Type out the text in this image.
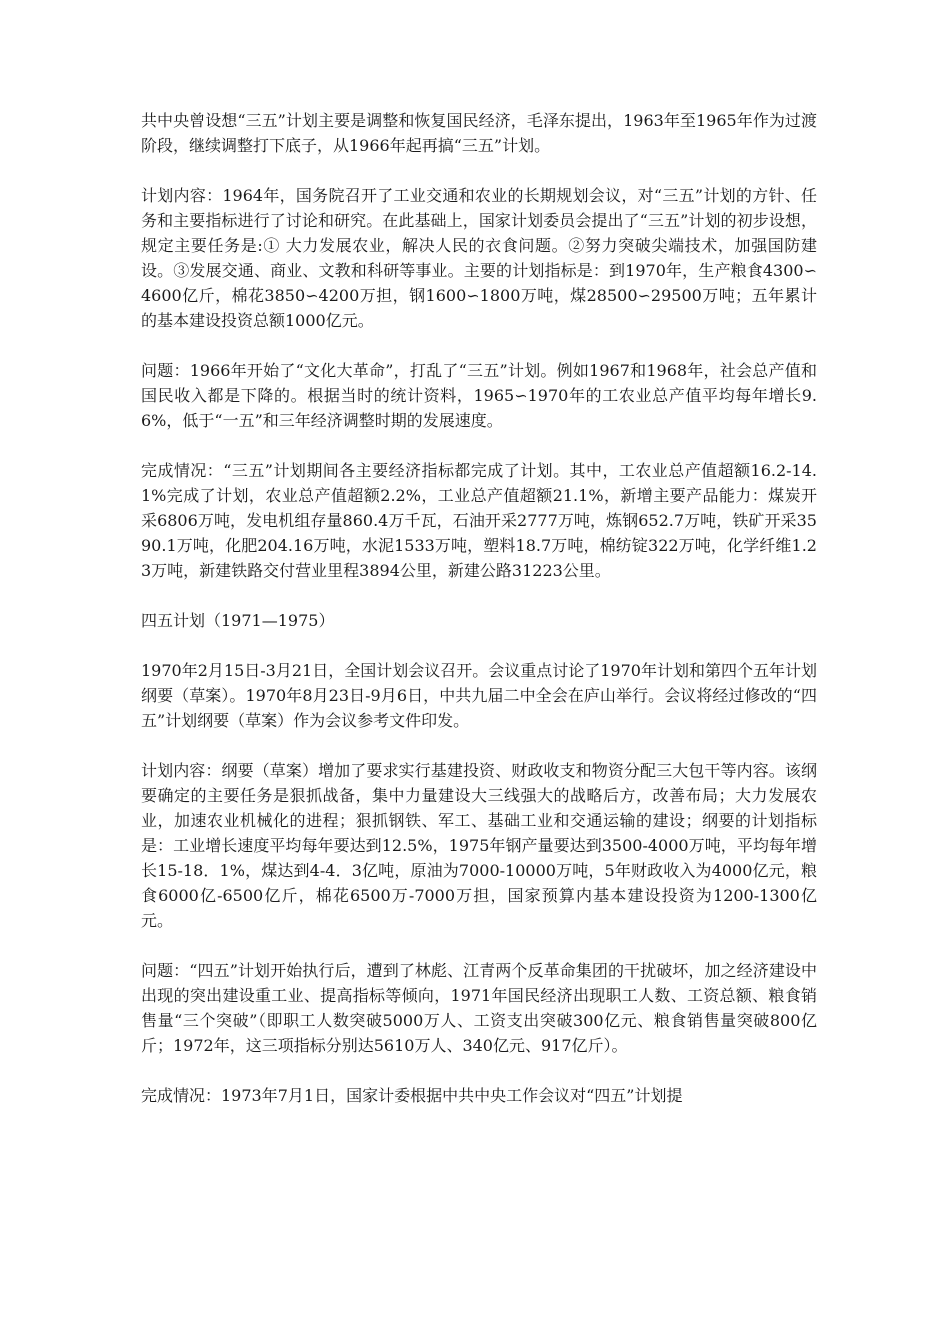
共中央曾设想“三五”计划主要是调整和恢复国民经济，毛泽东提出，1963年至1965年作为过渡阶段，继续调整打下底子，从1966年起再搞“三五”计划。

计划内容：1964年，国务院召开了工业交通和农业的长期规划会议，对“三五”计划的方针、任务和主要指标进行了讨论和研究。在此基础上，国家计划委员会提出了“三五”计划的初步设想，规定主要任务是:① 大力发展农业，解决人民的衣食问题。②努力突破尖端技术，加强国防建设。③发展交通、商业、文教和科研等事业。主要的计划指标是：到1970年，生产粮食4300∽4600亿斤，棉花3850∽4200万担，钢1600∽1800万吨，煤28500∽29500万吨；五年累计的基本建设投资总额1000亿元。

问题：1966年开始了“文化大革命”，打乱了“三五”计划。例如1967和1968年，社会总产值和国民收入都是下降的。根据当时的统计资料，1965∽1970年的工农业总产值平均每年增长9.6%，低于“一五”和三年经济调整时期的发展速度。

完成情况：“三五”计划期间各主要经济指标都完成了计划。其中，工农业总产值超额16.2-14.1%完成了计划，农业总产值超额2.2%，工业总产值超额21.1%，新增主要产品能力：煤炭开采6806万吨，发电机组存量860.4万千瓦，石油开采2777万吨，炼钢652.7万吨，铁矿开采3590.1万吨，化肥204.16万吨，水泥1533万吨，塑料18.7万吨，棉纺锭322万吨，化学纤维1.23万吨，新建铁路交付营业里程3894公里，新建公路31223公里。

四五计划（1971—1975）

1970年2月15日-3月21日，全国计划会议召开。会议重点讨论了1970年计划和第四个五年计划纲要（草案）。1970年8月23日-9月6日，中共九届二中全会在庐山举行。会议将经过修改的“四五”计划纲要（草案）作为会议参考文件印发。

计划内容：纲要（草案）增加了要求实行基建投资、财政收支和物资分配三大包干等内容。该纲要确定的主要任务是狠抓战备，集中力量建设大三线强大的战略后方，改善布局；大力发展农业，加速农业机械化的进程；狠抓钢铁、军工、基础工业和交通运输的建设；纲要的计划指标是：工业增长速度平均每年要达到12.5%，1975年钢产量要达到3500-4000万吨，平均每年增长15-18．1%，煤达到4-4．3亿吨，原油为7000-10000万吨，5年财政收入为4000亿元，粮食6000亿-6500亿斤，棉花6500万-7000万担，国家预算内基本建设投资为1200-1300亿元。

问题：“四五”计划开始执行后，遭到了林彪、江青两个反革命集团的干扰破坏，加之经济建设中出现的突出建设重工业、提高指标等倾向，1971年国民经济出现职工人数、工资总额、粮食销售量“三个突破”（即职工人数突破5000万人、工资支出突破300亿元、粮食销售量突破800亿斤；1972年，这三项指标分别达5610万人、340亿元、917亿斤）。

完成情况：1973年7月1日，国家计委根据中共中央工作会议对“四五”计划提
